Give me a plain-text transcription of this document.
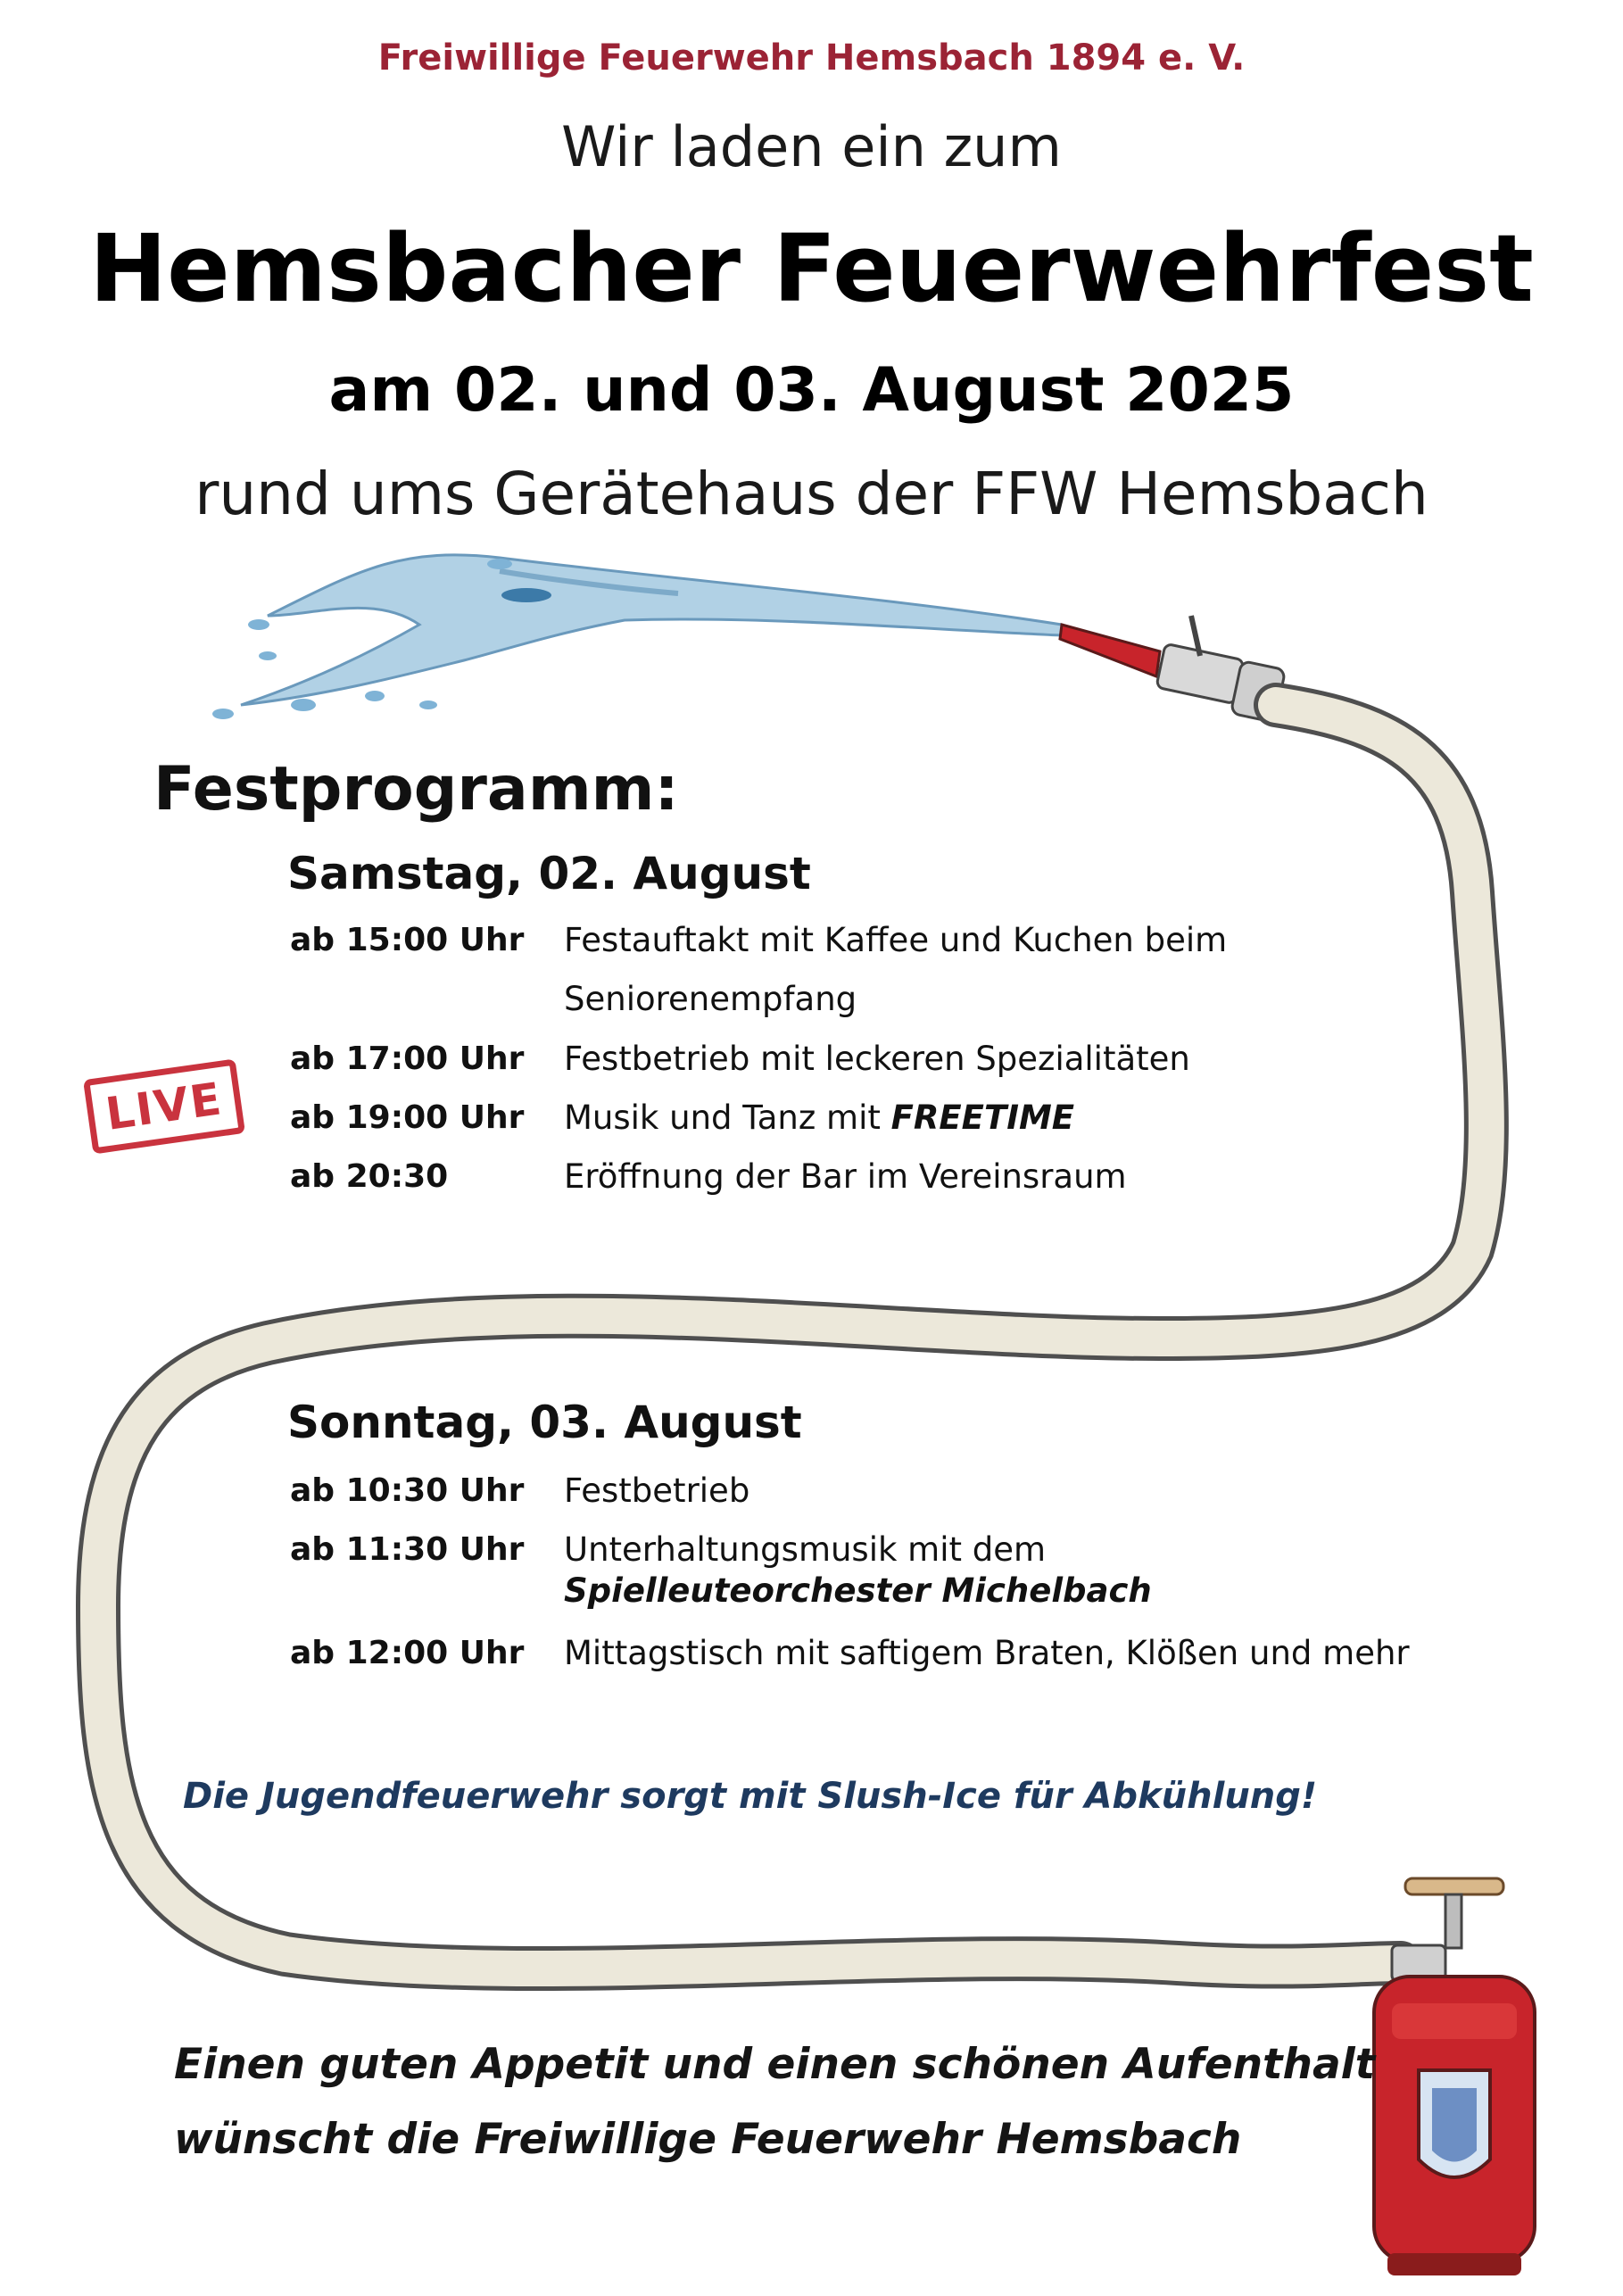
Freiwillige Feuerwehr Hemsbach 1894 e. V.
Wir laden ein zum
Hemsbacher Feuerwehrfest
am 02. und 03. August 2025
rund ums Gerätehaus der FFW Hemsbach
Festprogramm:
Samstag, 02. August
ab 15:00 Uhr Festauftakt mit Kaffee und Kuchen beim
Seniorenempfang
ab 17:00 Uhr Festbetrieb mit leckeren Spezialitäten
LIVE	ab 19:00 Uhr Musik und Tanz mit FREETIME
ab 20:30	Eröffnung der Bar im Vereinsraum
Sonntag, 03. August
ab 10:30 Uhr Festbetrieb
ab 11:30 Uhr Unterhaltungsmusik mit dem Spielleuteorchester Michelbach
ab 12:00 Uhr Mittagstisch mit saftigem Braten, Klößen und mehr
Die Jugendfeuerwehr sorgt mit Slush-Ice für Abkühlung!
Einen guten Appetit und einen schönen Aufenthalt
wünscht die Freiwillige Feuerwehr Hemsbach
